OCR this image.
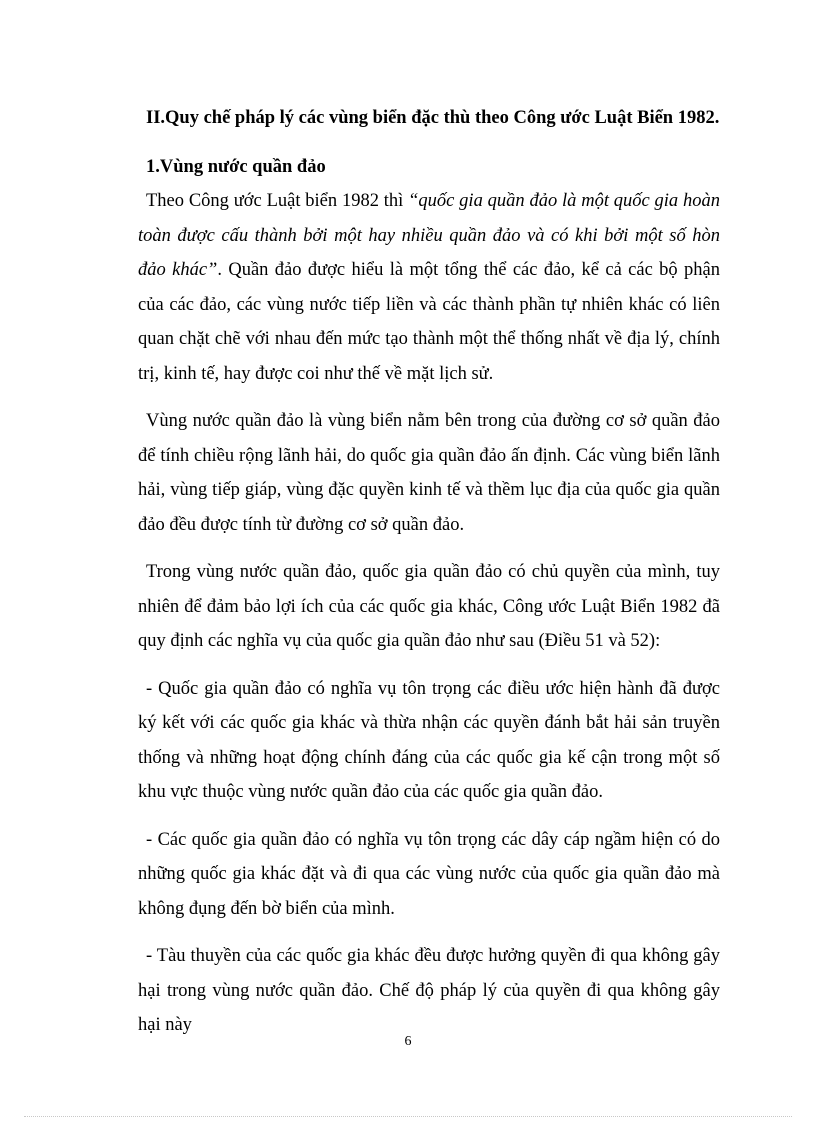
II.Quy chế pháp lý các vùng biển đặc thù theo Công ước Luật Biển 1982.

1.Vùng nước quần đảo

Theo Công ước Luật biển 1982 thì “quốc gia quần đảo là một quốc gia hoàn toàn được cấu thành bởi một hay nhiều quần đảo và có khi bởi một số hòn đảo khác”. Quần đảo được hiểu là một tổng thể các đảo, kể cả các bộ phận của các đảo, các vùng nước tiếp liền và các thành phần tự nhiên khác có liên quan chặt chẽ với nhau đến mức tạo thành một thể thống nhất về địa lý, chính trị, kinh tế, hay được coi như thế về mặt lịch sử.

Vùng nước quần đảo là vùng biển nằm bên trong của đường cơ sở quần đảo để tính chiều rộng lãnh hải, do quốc gia quần đảo ấn định. Các vùng biển lãnh hải, vùng tiếp giáp, vùng đặc quyền kinh tế và thềm lục địa của quốc gia quần đảo đều được tính từ đường cơ sở quần đảo.

Trong vùng nước quần đảo, quốc gia quần đảo có chủ quyền của mình, tuy nhiên để đảm bảo lợi ích của các quốc gia khác, Công ước Luật Biển 1982 đã quy định các nghĩa vụ của quốc gia quần đảo như sau (Điều 51 và 52):

- Quốc gia quần đảo có nghĩa vụ tôn trọng các điều ước hiện hành đã được ký kết với các quốc gia khác và thừa nhận các quyền đánh bắt hải sản truyền thống và những hoạt động chính đáng của các quốc gia kế cận trong một số khu vực thuộc vùng nước quần đảo của các quốc gia quần đảo.

- Các quốc gia quần đảo có nghĩa vụ tôn trọng các dây cáp ngầm hiện có do những quốc gia khác đặt và đi qua các vùng nước của quốc gia quần đảo mà không đụng đến bờ biển của mình.

- Tàu thuyền của các quốc gia khác đều được hưởng quyền đi qua không gây hại trong vùng nước quần đảo. Chế độ pháp lý của quyền đi qua không gây hại này

6
